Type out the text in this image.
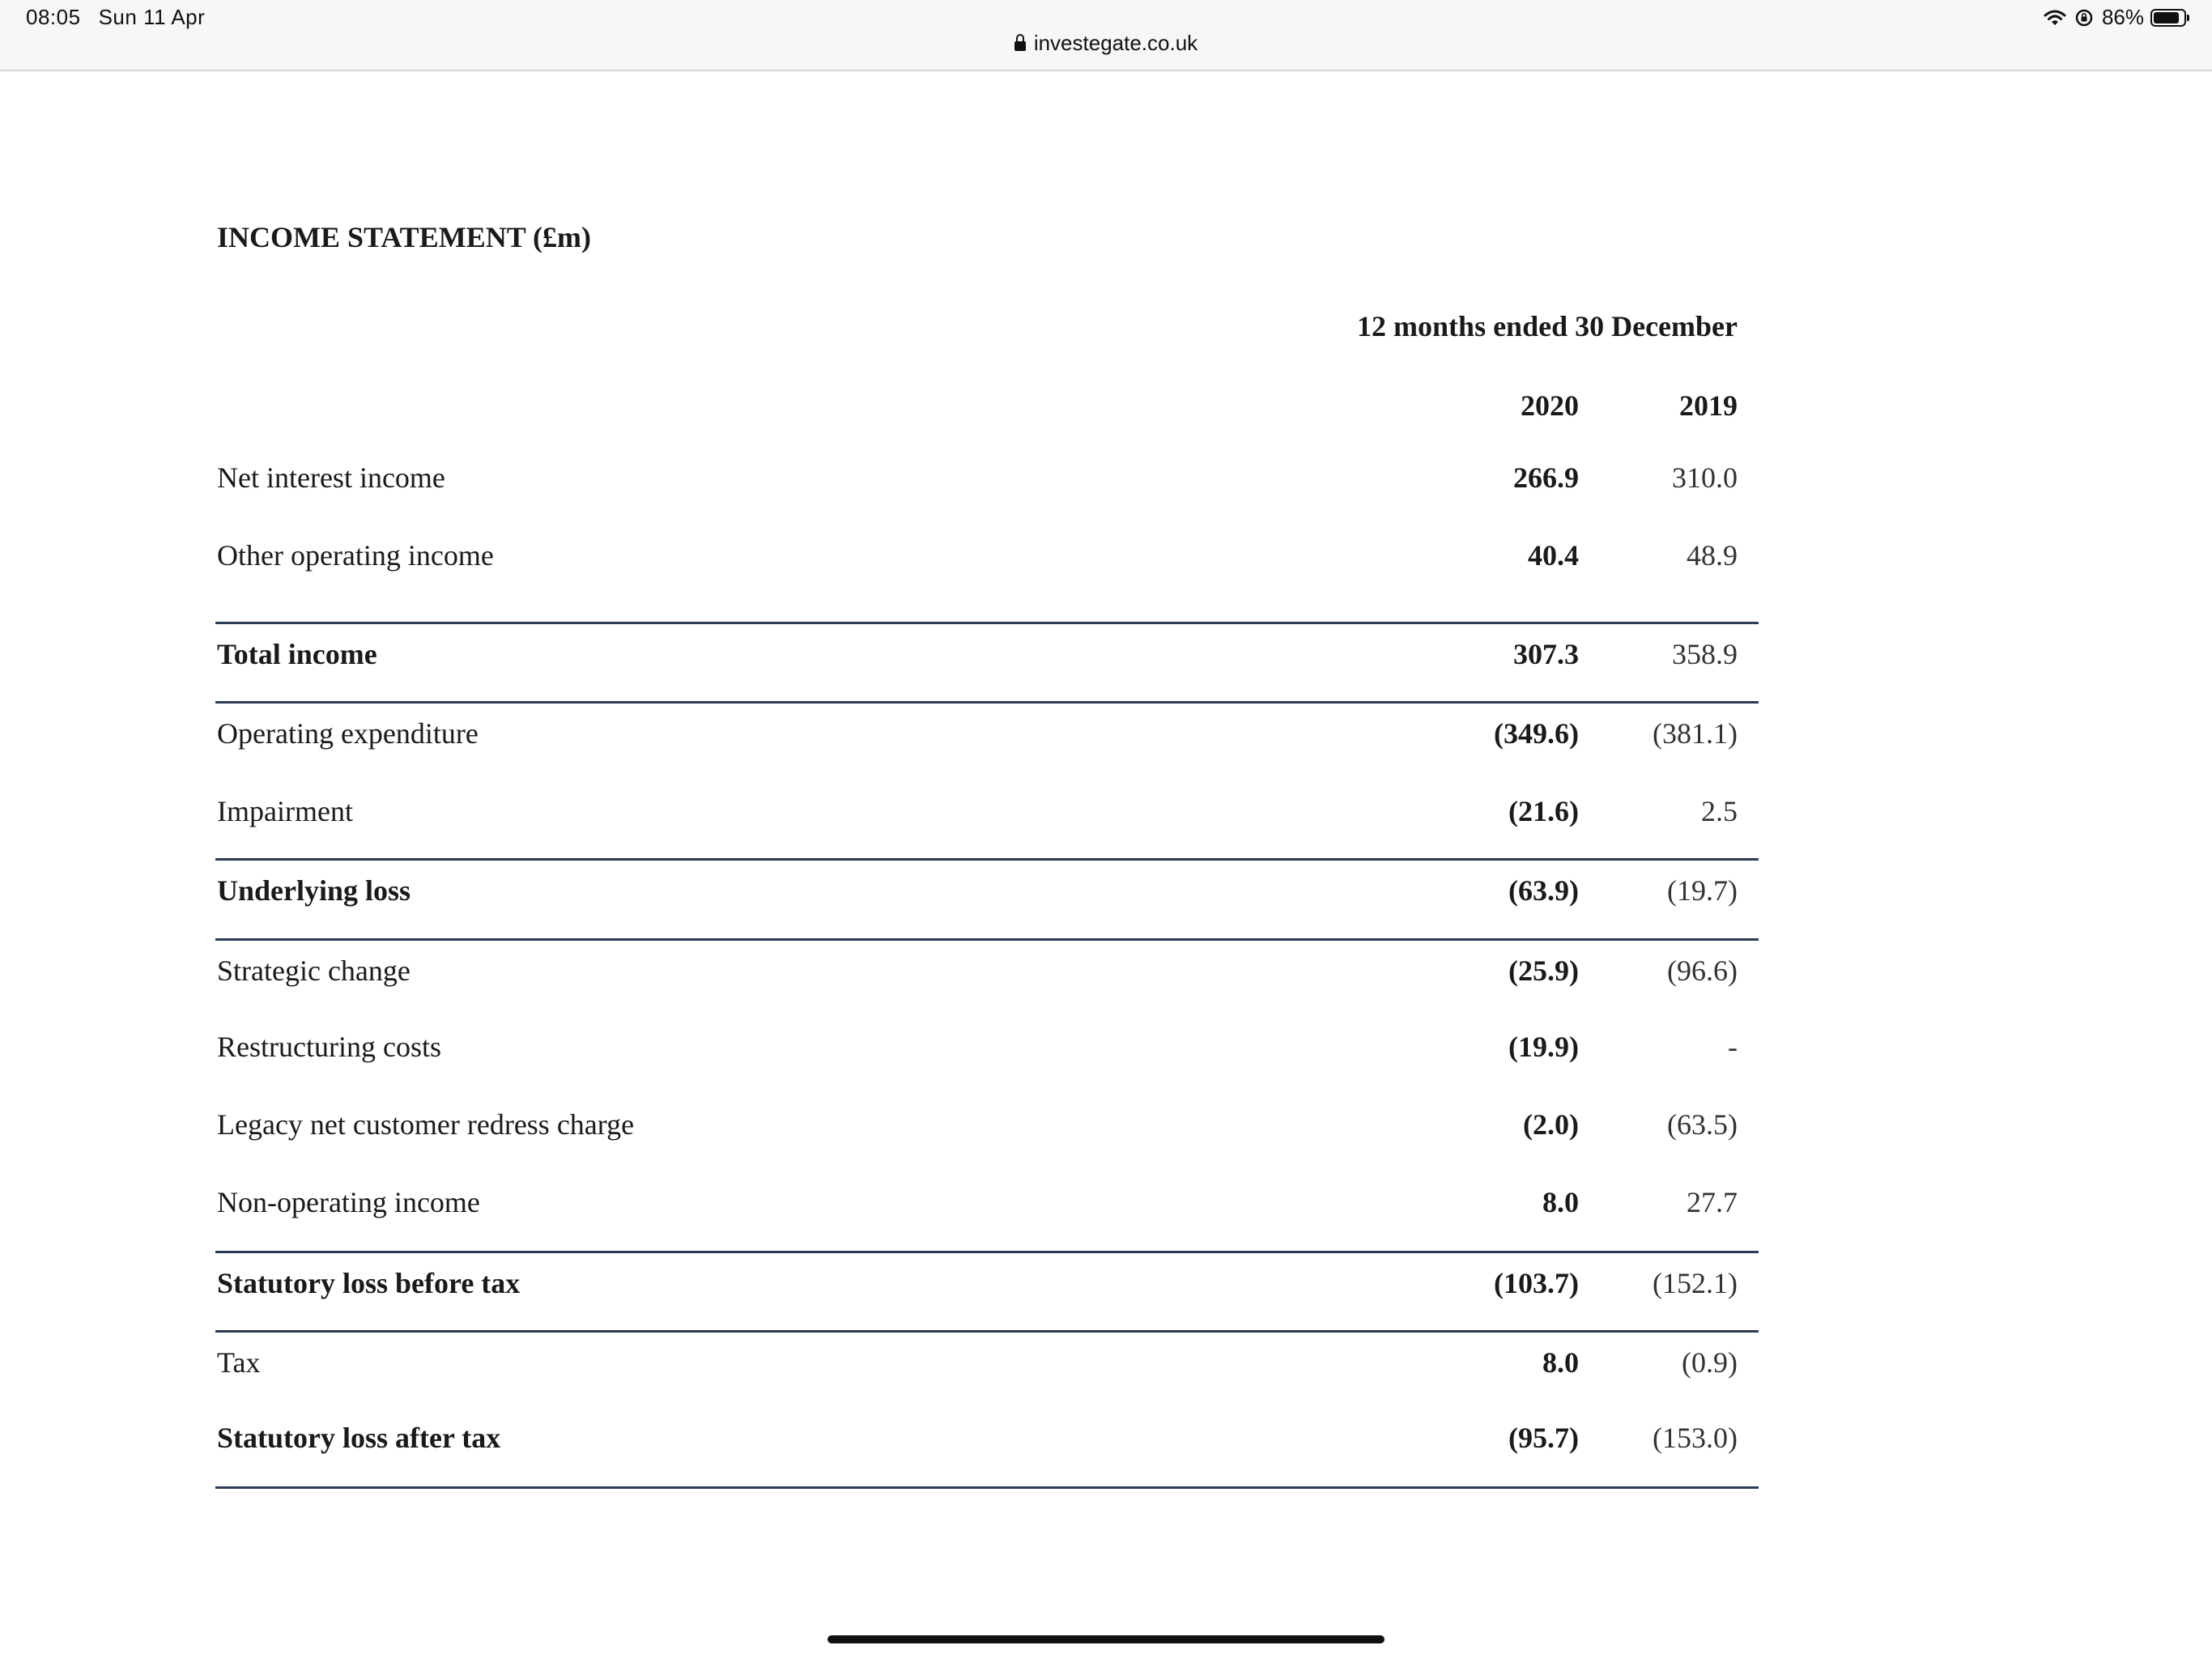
08:05 Sun 11 Apr
investegate.co.uk
86%
INCOME STATEMENT (£m)
12 months ended 30 December
2020	2019
Net interest income	266.9	310.0
Other operating income	40.4	48.9
Total income	307.3	358.9
Operating expenditure	(349.6)	(381.1)
Impairment	(21.6)	2.5
Underlying loss	(63.9)	(19.7)
Strategic change	(25.9)	(96.6)
Restructuring costs	(19.9)	-
Legacy net customer redress charge	(2.0)	(63.5)
Non-operating income	8.0	27.7
Statutory loss before tax	(103.7)	(152.1)
Tax	8.0	(0.9)
Statutory loss after tax	(95.7)	(153.0)
